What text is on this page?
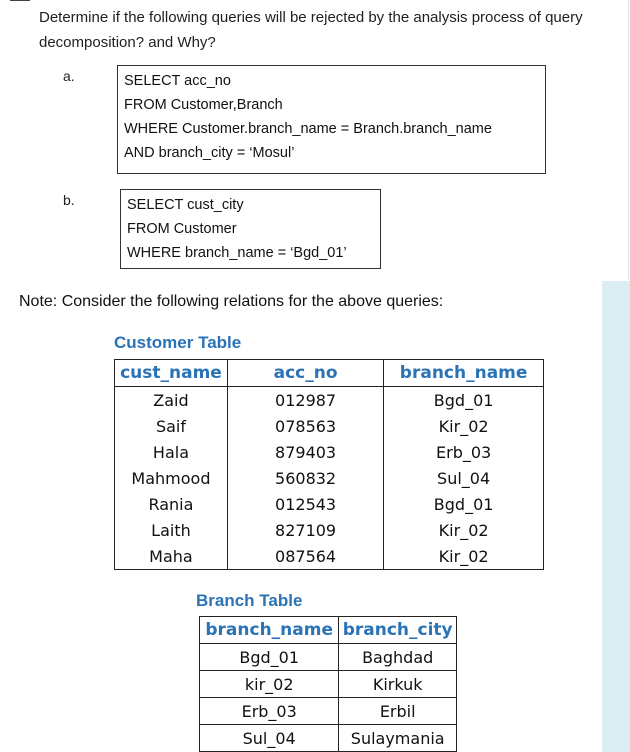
Determine if the following queries will be rejected by the analysis process of query decomposition? and Why?
a.	SELECT acc_no
FROM Customer,Branch
WHERE Customer.branch_name = Branch.branch_name
AND branch_city = ‘Mosul’
b.	SELECT cust_city
FROM Customer
WHERE branch_name = ‘Bgd_01’
Note: Consider the following relations for the above queries:
Customer Table
cust_name	acc_no	branch_name
Zaid	012987	Bgd_01
Saif	078563	Kir_02
Hala	879403	Erb_03
Mahmood	560832	Sul_04
Rania	012543	Bgd_01
Laith	827109	Kir_02
Maha	087564	Kir_02
Branch Table
branch_name	branch_city
Bgd_01	Baghdad
kir_02	Kirkuk
Erb_03	Erbil
Sul_04	Sulaymania
